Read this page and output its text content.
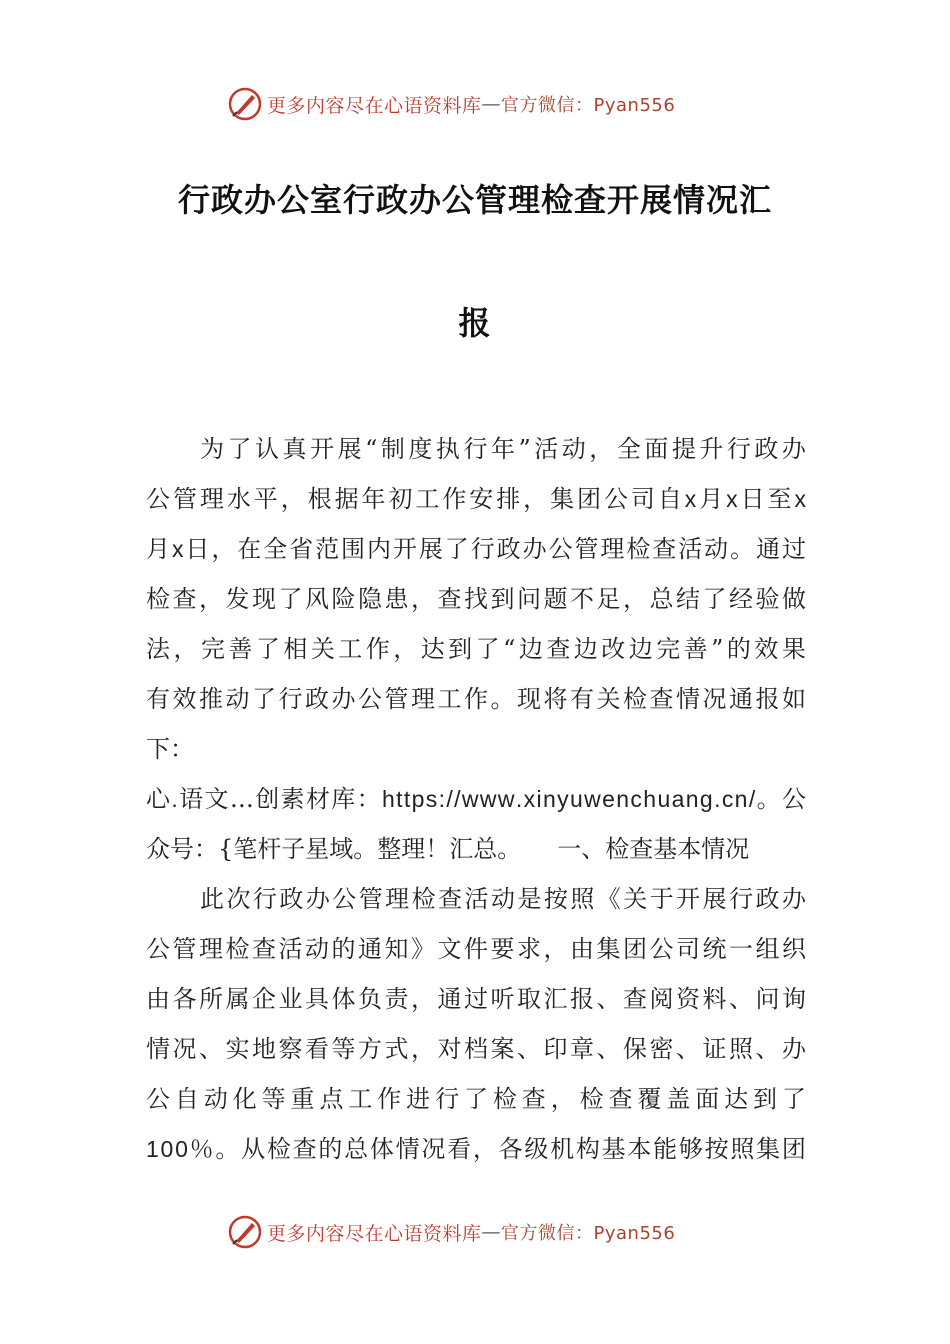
更多内容尽在心语资料库 — 官方微信：Pyan556
行政办公室行政办公管理检查开展情况汇
报
为 了 认 真 开 展 “ 制 度 执 行 年 ” 活 动 ， 全 面 提 升 行 政 办
公 管 理 水 平 ， 根 据 年 初 工 作 安 排 ， 集 团 公 司 自 x 月 x 日 至 x
月 x 日 ， 在 全 省 范 围 内 开 展 了 行 政 办 公 管 理 检 查 活 动 。 通 过
检 查 ， 发 现 了 风 险 隐 患 ， 查 找 到 问 题 不 足 ， 总 结 了 经 验 做
法 ， 完 善 了 相 关 工 作 ， 达 到 了 “ 边 查 边 改 边 完 善 ” 的 效 果
有 效 推 动 了 行 政 办 公 管 理 工 作 。 现 将 有 关 检 查 情 况 通 报 如
下：
心 . 语 文 … 创 素 材 库 ： h t t p s : / / w w w . x i n y u w e n c h u a n g . c n / 。 公
众号：{笔杆子星域。整理！汇总。　　一、检查基本情况
此 次 行 政 办 公 管 理 检 查 活 动 是 按 照 《 关 于 开 展 行 政 办
公 管 理 检 查 活 动 的 通 知 》 文 件 要 求 ， 由 集 团 公 司 统 一 组 织
由 各 所 属 企 业 具 体 负 责 ， 通 过 听 取 汇 报 、 查 阅 资 料 、 问 询
情 况 、 实 地 察 看 等 方 式 ， 对 档 案 、 印 章 、 保 密 、 证 照 、 办
公 自 动 化 等 重 点 工 作 进 行 了 检 查 ， 检 查 覆 盖 面 达 到 了
1 0 0 ％ 。 从 检 查 的 总 体 情 况 看 ， 各 级 机 构 基 本 能 够 按 照 集 团
更多内容尽在心语资料库 — 官方微信：Pyan556
